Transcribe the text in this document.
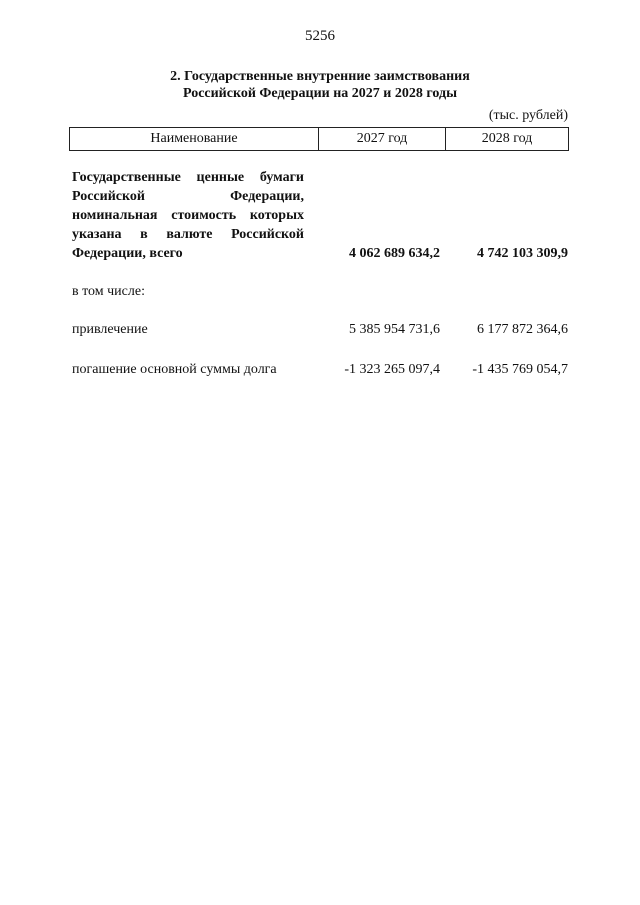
5256
2. Государственные внутренние заимствования
Российской Федерации на 2027 и 2028 годы
(тыс. рублей)
Наименование	2027 год	2028 год
Государственные ценные бумаги Российской Федерации, номинальная стоимость которых указана в валюте Российской Федерации, всего	4 062 689 634,2	4 742 103 309,9
в том числе:
привлечение	5 385 954 731,6	6 177 872 364,6
погашение основной суммы долга	-1 323 265 097,4	-1 435 769 054,7
